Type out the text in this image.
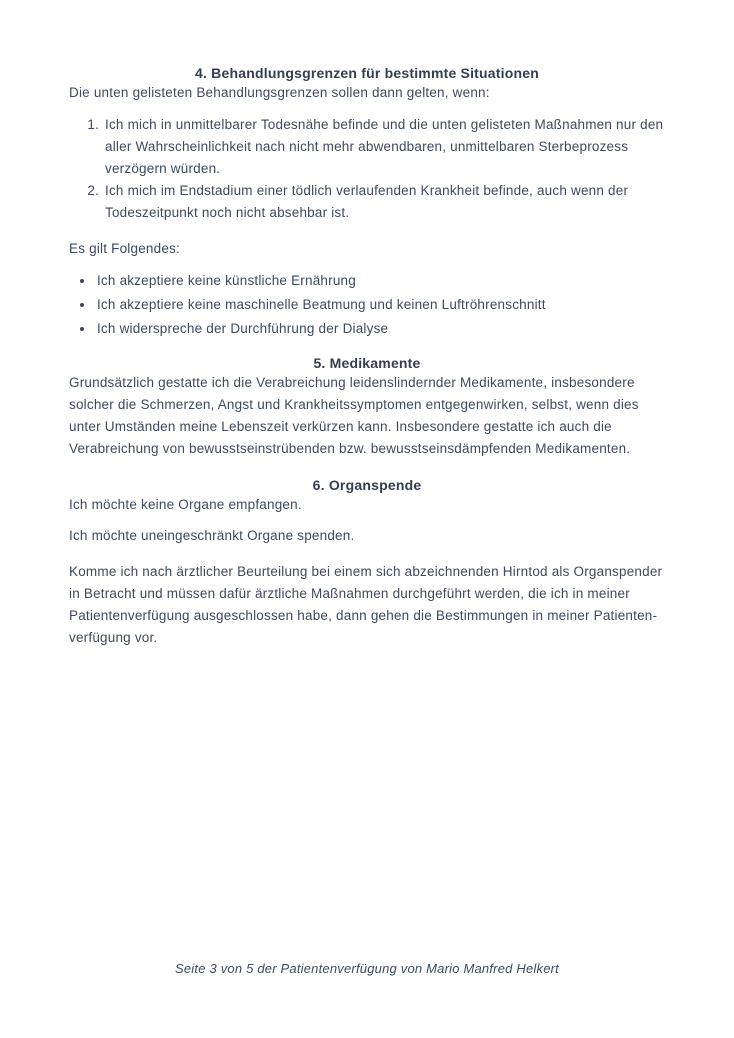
4. Behandlungsgrenzen für bestimmte Situationen

Die unten gelisteten Behandlungsgrenzen sollen dann gelten, wenn:

1. Ich mich in unmittelbarer Todesnähe befinde und die unten gelisteten Maßnahmen nur den aller Wahrscheinlichkeit nach nicht mehr abwendbaren, unmittelbaren Sterbeprozess verzögern würden.
2. Ich mich im Endstadium einer tödlich verlaufenden Krankheit befinde, auch wenn der Todeszeitpunkt noch nicht absehbar ist.

Es gilt Folgendes:

• Ich akzeptiere keine künstliche Ernährung
• Ich akzeptiere keine maschinelle Beatmung und keinen Luftröhrenschnitt
• Ich widerspreche der Durchführung der Dialyse
5. Medikamente

Grundsätzlich gestatte ich die Verabreichung leidenslindernder Medikamente, insbesondere solcher die Schmerzen, Angst und Krankheitssymptomen entgegenwirken, selbst, wenn dies unter Umständen meine Lebenszeit verkürzen kann. Insbesondere gestatte ich auch die Verabreichung von bewusstseinstrübenden bzw. bewusstseinsdämpfenden Medikamenten.

6. Organspende

Ich möchte keine Organe empfangen.

Ich möchte uneingeschränkt Organe spenden.

Komme ich nach ärztlicher Beurteilung bei einem sich abzeichnenden Hirntod als Organspender in Betracht und müssen dafür ärztliche Maßnahmen durchgeführt werden, die ich in meiner Patientenverfügung ausgeschlossen habe, dann gehen die Bestimmungen in meiner Patientenverfügung vor.

Seite 3 von 5 der Patientenverfügung von Mario Manfred Helkert
